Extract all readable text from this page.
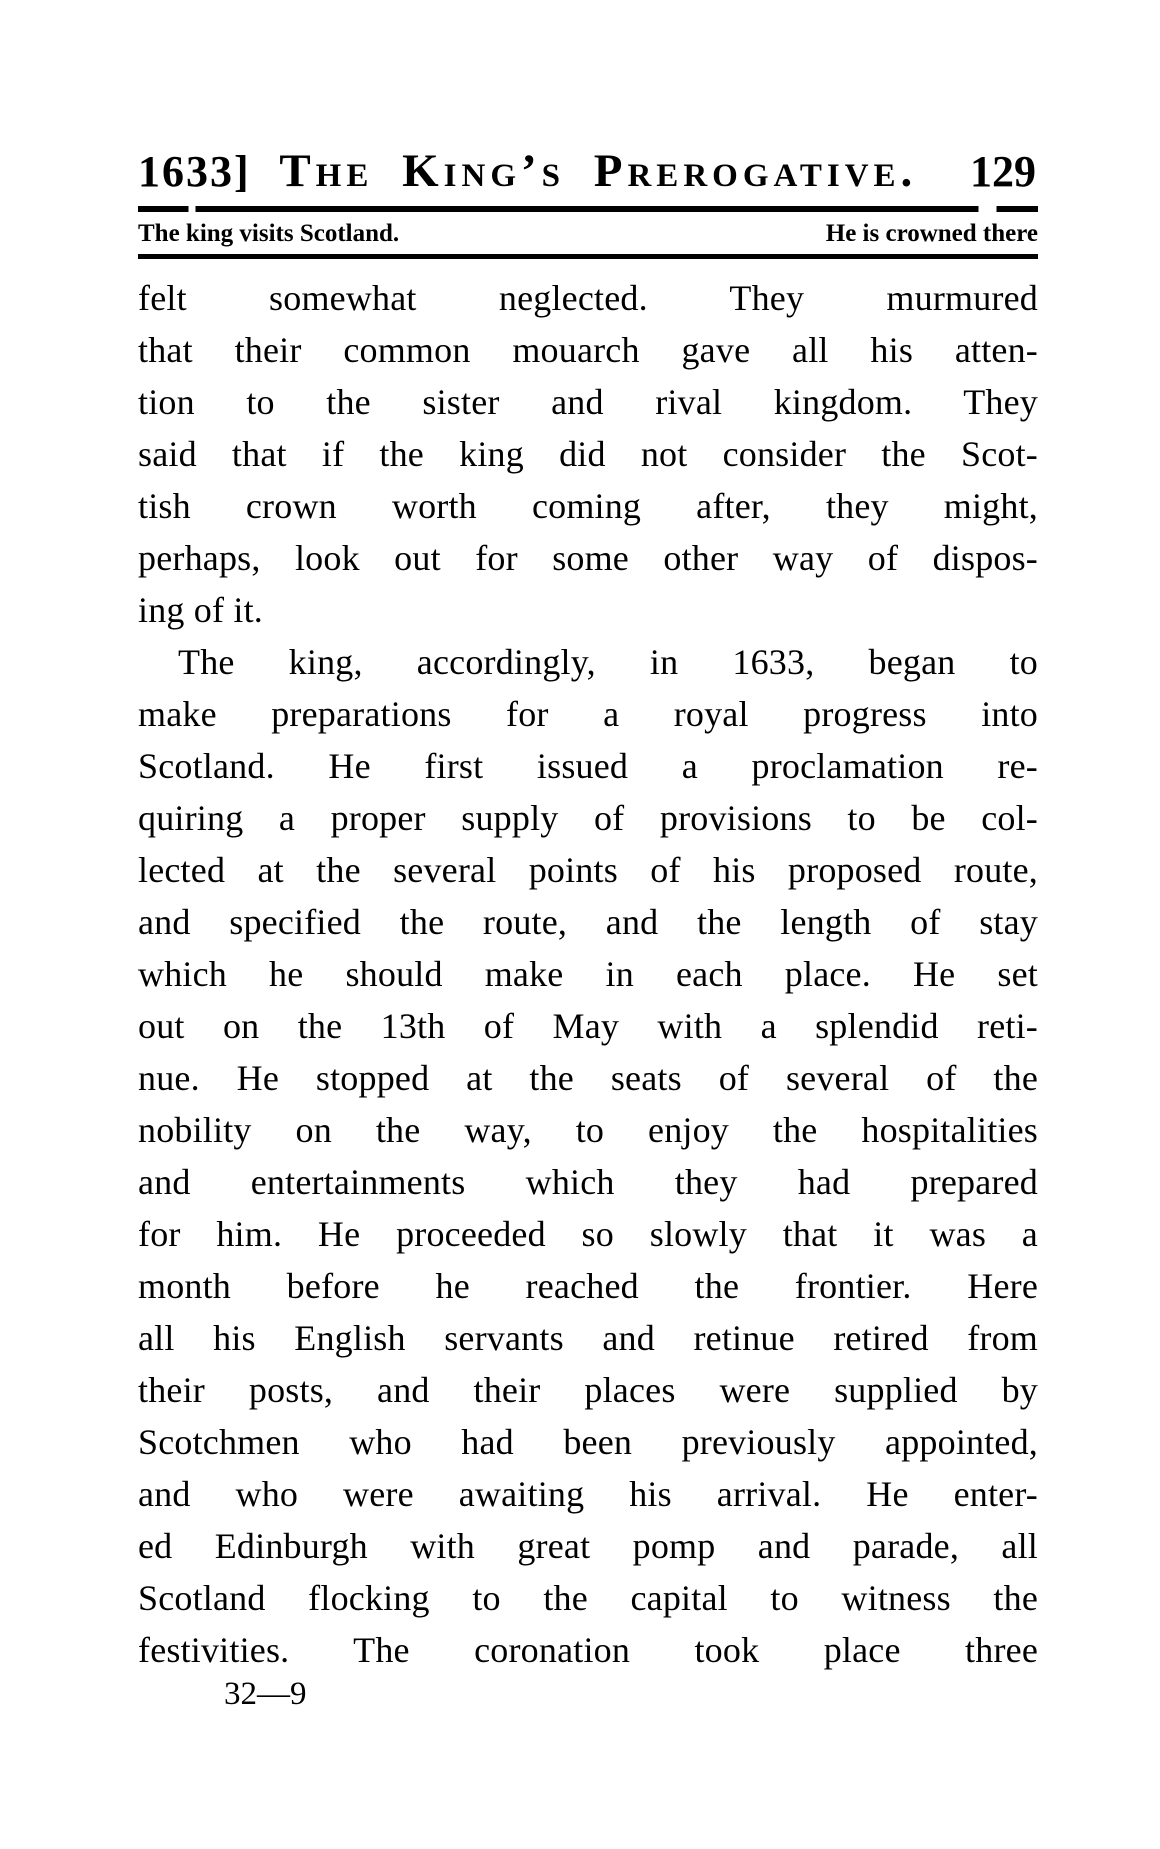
1633] The King’s Prerogative. 129
The king visits Scotland.	He is crowned there
felt somewhat neglected. They murmured
that their common mouarch gave all his atten-
tion to the sister and rival kingdom. They
said that if the king did not consider the Scot-
tish crown worth coming after, they might,
perhaps, look out for some other way of dispos-
ing of it.
The king, accordingly, in 1633, began to
make preparations for a royal progress into
Scotland. He first issued a proclamation re-
quiring a proper supply of provisions to be col-
lected at the several points of his proposed route,
and specified the route, and the length of stay
which he should make in each place. He set
out on the 13th of May with a splendid reti-
nue. He stopped at the seats of several of the
nobility on the way, to enjoy the hospitalities
and entertainments which they had prepared
for him. He proceeded so slowly that it was a
month before he reached the frontier. Here
all his English servants and retinue retired from
their posts, and their places were supplied by
Scotchmen who had been previously appointed,
and who were awaiting his arrival. He enter-
ed Edinburgh with great pomp and parade, all
Scotland flocking to the capital to witness the
festivities. The coronation took place three
32—9
